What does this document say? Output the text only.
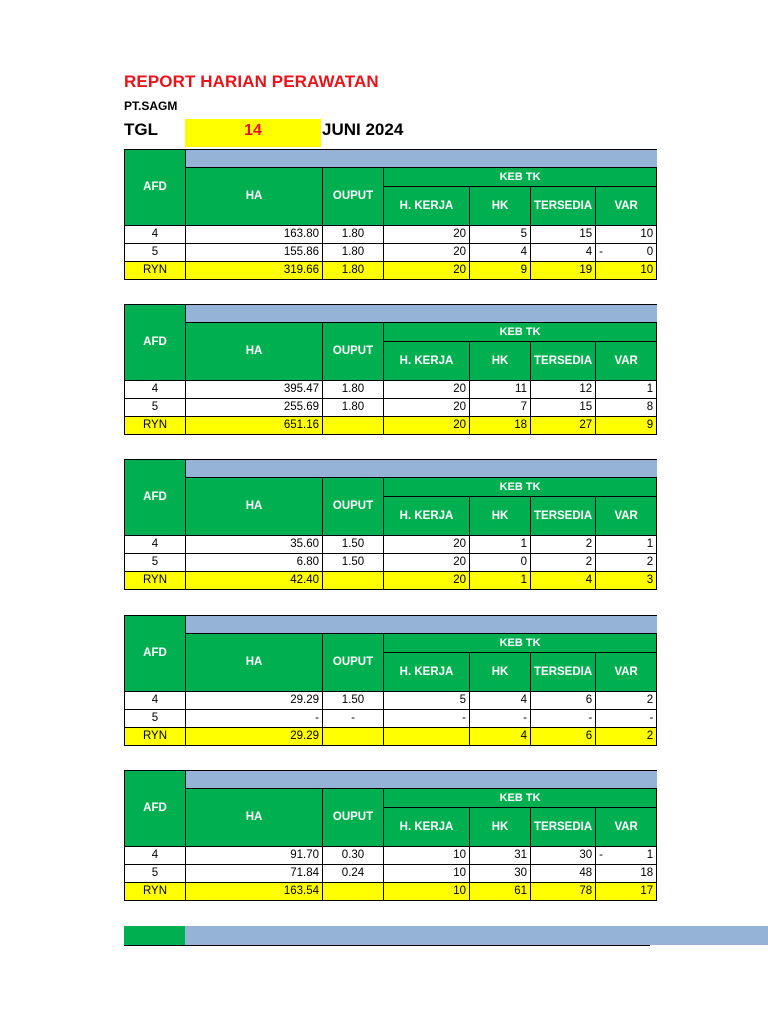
REPORT HARIAN PERAWATAN
PT.SAGM
TGL	14	JUNI 2024
AFD						
	HA	OUPUT	KEB TK			
			H. KERJA	HK	TERSEDIA	VAR
4	163.80	1.80	20	5	15	10
5	155.86	1.80	20	4	4	- 0
RYN	319.66	1.80	20	9	19	10
AFD						
	HA	OUPUT	KEB TK			
			H. KERJA	HK	TERSEDIA	VAR
4	395.47	1.80	20	11	12	1
5	255.69	1.80	20	7	15	8
RYN	651.16		20	18	27	9
AFD						
	HA	OUPUT	KEB TK			
			H. KERJA	HK	TERSEDIA	VAR
4	35.60	1.50	20	1	2	1
5	6.80	1.50	20	0	2	2
RYN	42.40		20	1	4	3
AFD						
	HA	OUPUT	KEB TK			
			H. KERJA	HK	TERSEDIA	VAR
4	29.29	1.50	5	4	6	2
5	-	-	-	-	-	-
RYN	29.29			4	6	2
AFD						
	HA	OUPUT	KEB TK			
			H. KERJA	HK	TERSEDIA	VAR
4	91.70	0.30	10	31	30	- 1
5	71.84	0.24	10	30	48	18
RYN	163.54		10	61	78	17
